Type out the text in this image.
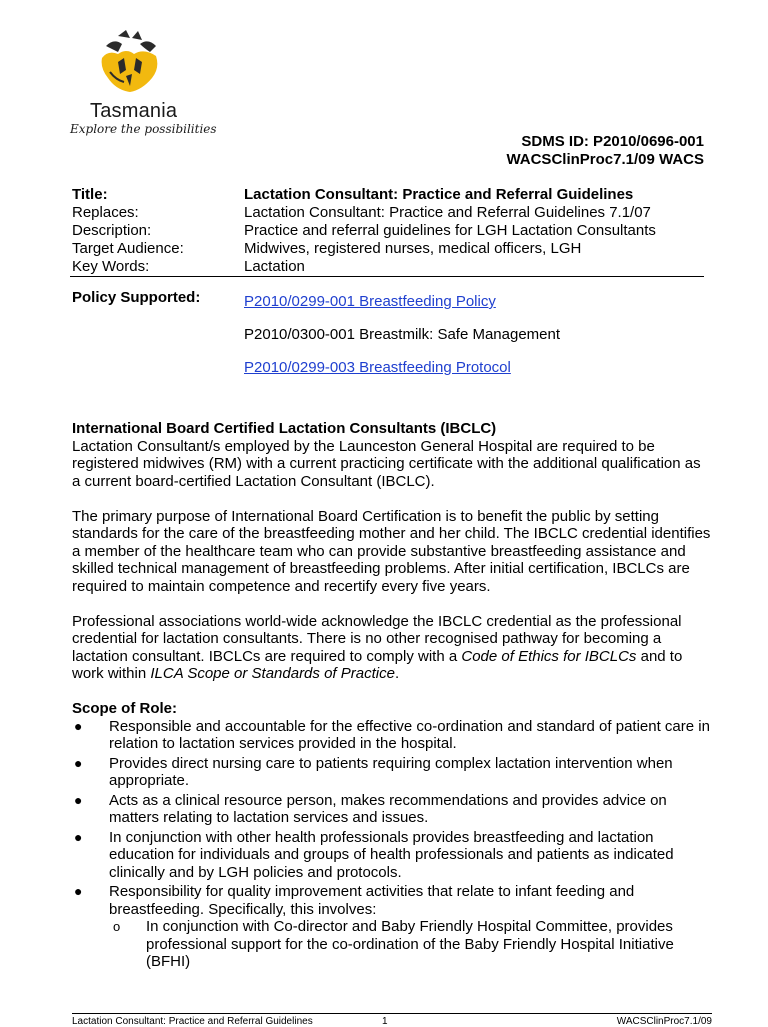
Tasmania
Explore the possibilities
SDMS ID: P2010/0696-001
WACSClinProc7.1/09 WACS
Title:	Lactation Consultant: Practice and Referral Guidelines
Replaces:	Lactation Consultant: Practice and Referral Guidelines 7.1/07
Description:	Practice and referral guidelines for LGH Lactation Consultants
Target Audience:	Midwives, registered nurses, medical officers, LGH
Key Words:	Lactation
Policy Supported:	P2010/0299-001 Breastfeeding Policy
P2010/0300-001 Breastmilk: Safe Management
P2010/0299-003 Breastfeeding Protocol
International Board Certified Lactation Consultants (IBCLC)

Lactation Consultant/s employed by the Launceston General Hospital are required to be registered midwives (RM) with a current practicing certificate with the additional qualification as a current board-certified Lactation Consultant (IBCLC).

The primary purpose of International Board Certification is to benefit the public by setting standards for the care of the breastfeeding mother and her child. The IBCLC credential identifies a member of the healthcare team who can provide substantive breastfeeding assistance and skilled technical management of breastfeeding problems. After initial certification, IBCLCs are required to maintain competence and recertify every five years.

Professional associations world-wide acknowledge the IBCLC credential as the professional credential for lactation consultants. There is no other recognised pathway for becoming a lactation consultant. IBCLCs are required to comply with a Code of Ethics for IBCLCs and to work within ILCA Scope or Standards of Practice.

Scope of Role:
● Responsible and accountable for the effective co-ordination and standard of patient care in relation to lactation services provided in the hospital.
● Provides direct nursing care to patients requiring complex lactation intervention when appropriate.
● Acts as a clinical resource person, makes recommendations and provides advice on matters relating to lactation services and issues.
● In conjunction with other health professionals provides breastfeeding and lactation education for individuals and groups of health professionals and patients as indicated clinically and by LGH policies and protocols.
● Responsibility for quality improvement activities that relate to infant feeding and breastfeeding. Specifically, this involves:
o In conjunction with Co-director and Baby Friendly Hospital Committee, provides professional support for the co-ordination of the Baby Friendly Hospital Initiative (BFHI)
Lactation Consultant: Practice and Referral Guidelines	1	WACSClinProc7.1/09
